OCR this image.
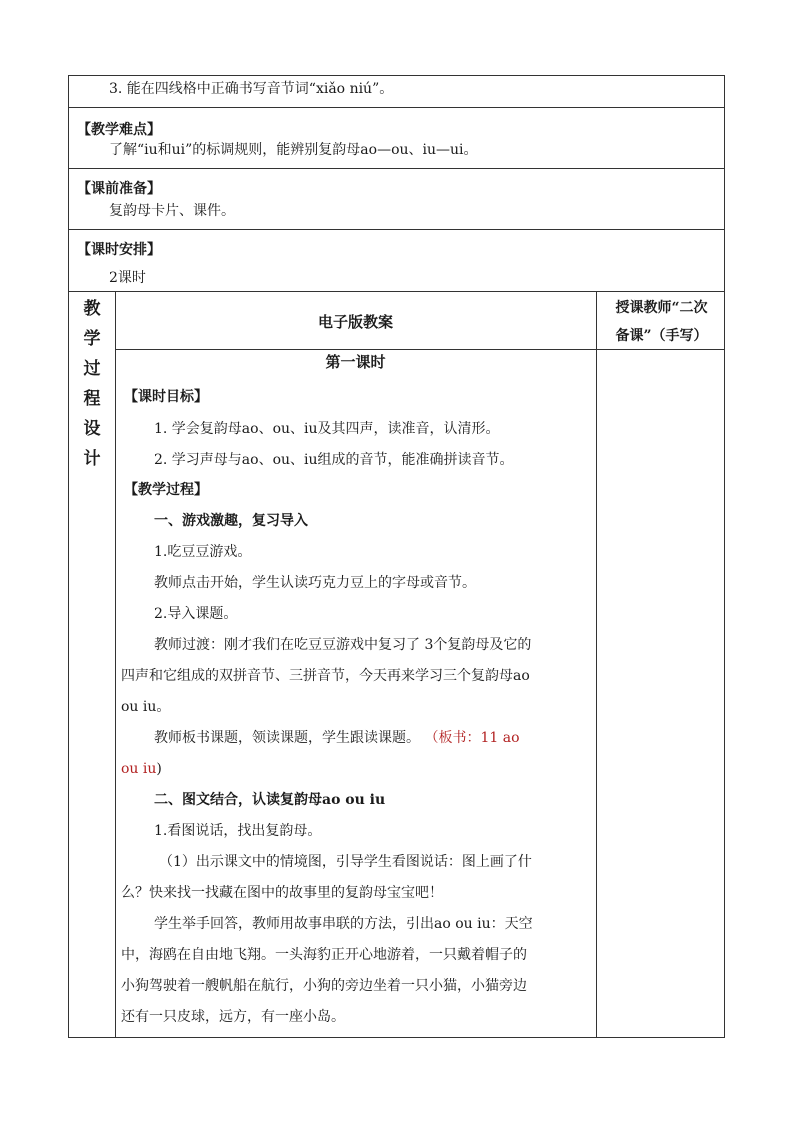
3. 能在四线格中正确书写音节词“xiǎo niú”。
【教学难点】
了解“iu和ui”的标调规则，能辨别复韵母ao—ou、iu—ui。
【课前准备】
复韵母卡片、课件。
【课时安排】
2课时
教
学
过
程
设
计
电子版教案
授课教师“二次
备课”（手写）
第一课时
【课时目标】
1. 学会复韵母ao、ou、iu及其四声，读准音，认清形。
2. 学习声母与ao、ou、iu组成的音节，能准确拼读音节。
【教学过程】
一、游戏激趣，复习导入
1.吃豆豆游戏。
教师点击开始，学生认读巧克力豆上的字母或音节。
2.导入课题。
教师过渡：刚才我们在吃豆豆游戏中复习了 3个复韵母及它的
四声和它组成的双拼音节、三拼音节，今天再来学习三个复韵母ao
ou iu。
教师板书课题，领读课题，学生跟读课题。 （板书：11 ao
ou iu)
二、图文结合，认读复韵母ao ou iu
1.看图说话，找出复韵母。
（1）出示课文中的情境图，引导学生看图说话：图上画了什
么？快来找一找藏在图中的故事里的复韵母宝宝吧！
学生举手回答，教师用故事串联的方法，引出ao ou iu：天空
中，海鸥在自由地飞翔。一头海豹正开心地游着，一只戴着帽子的
小狗驾驶着一艘帆船在航行，小狗的旁边坐着一只小猫，小猫旁边
还有一只皮球，远方，有一座小岛。
